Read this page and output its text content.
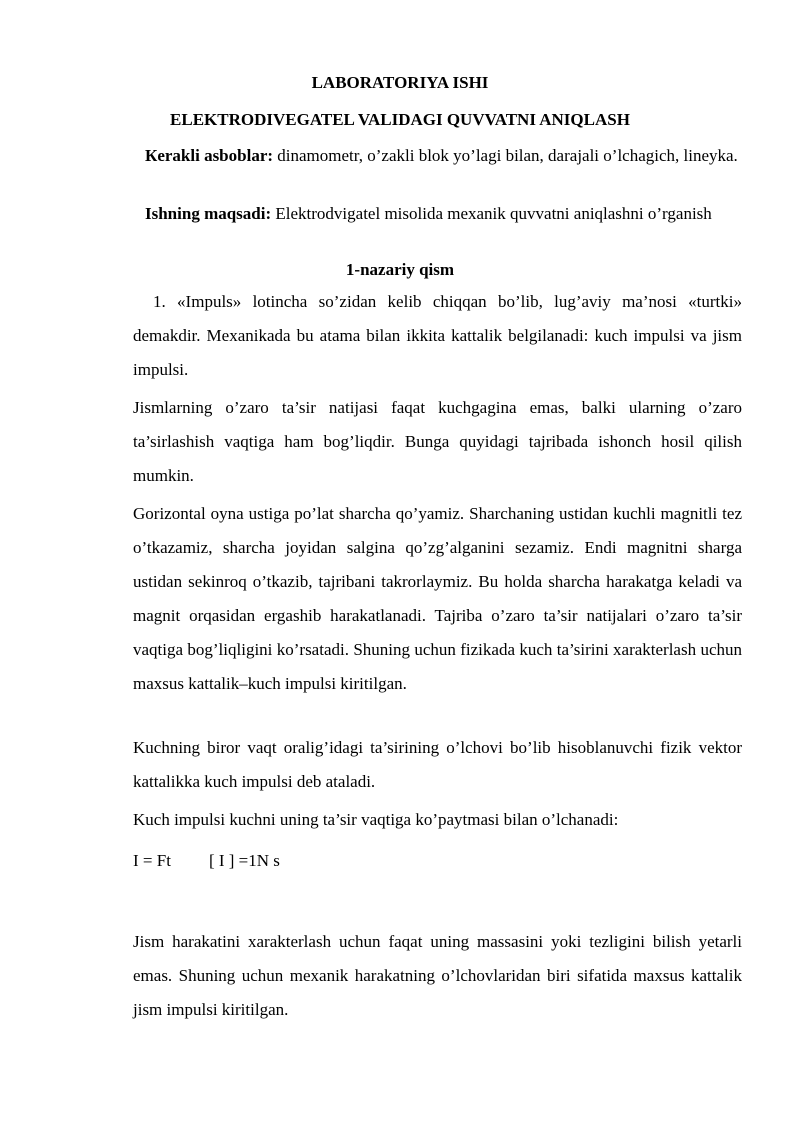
LABORATORIYA ISHI
ELEKTRODIVEGATEL VALIDAGI QUVVATNI ANIQLASH

Кerakli asboblar: dinamometr, o’zakli blok yo’lagi bilan, darajali o’lchagich, lineyka.

Ishning maqsadi: Elektrodvigatel misolida mexanik quvvatni aniqlashni o’rganish

1-nazariy qism

1. «Impuls» lotincha so’zidan kelib chiqqan bo’lib, lug’aviy ma’nosi «turtki» demakdir. Mexanikada bu atama bilan ikkita kattalik belgilanadi: kuch impulsi va jism impulsi.

Jismlarning o’zaro ta’sir natijasi faqat kuchgagina emas, balki ularning o’zaro ta’sirlashish vaqtiga ham bog’liqdir. Bunga quyidagi tajribada ishonch hosil qilish mumkin.

Gorizontal oyna ustiga po’lat sharcha qo’yamiz. Sharchaning ustidan kuchli magnitli tez o’tkazamiz, sharcha joyidan salgina qo’zg’alganini sezamiz. Endi magnitni sharga ustidan sekinroq o’tkazib, tajribani takrorlaymiz. Bu holda sharcha harakatga keladi va magnit orqasidan ergashib harakatlanadi. Tajriba o’zaro ta’sir natijalari o’zaro ta’sir vaqtiga bog’liqligini ko’rsatadi. Shuning uchun fizikada kuch ta’sirini xarakterlash uchun maxsus kattalik–kuch impulsi kiritilgan.

Kuchning biror vaqt oralig’idagi ta’sirining o’lchovi bo’lib hisoblanuvchi fizik vektor kattalikka kuch impulsi deb ataladi.

Kuch impulsi kuchni uning ta’sir vaqtiga ko’paytmasi bilan o’lchanadi:

I = Ft [ I ] =1N s

Jism harakatini xarakterlash uchun faqat uning massasini yoki tezligini bilish yetarli emas. Shuning uchun mexanik harakatning o’lchovlaridan biri sifatida maxsus kattalik jism impulsi kiritilgan.
